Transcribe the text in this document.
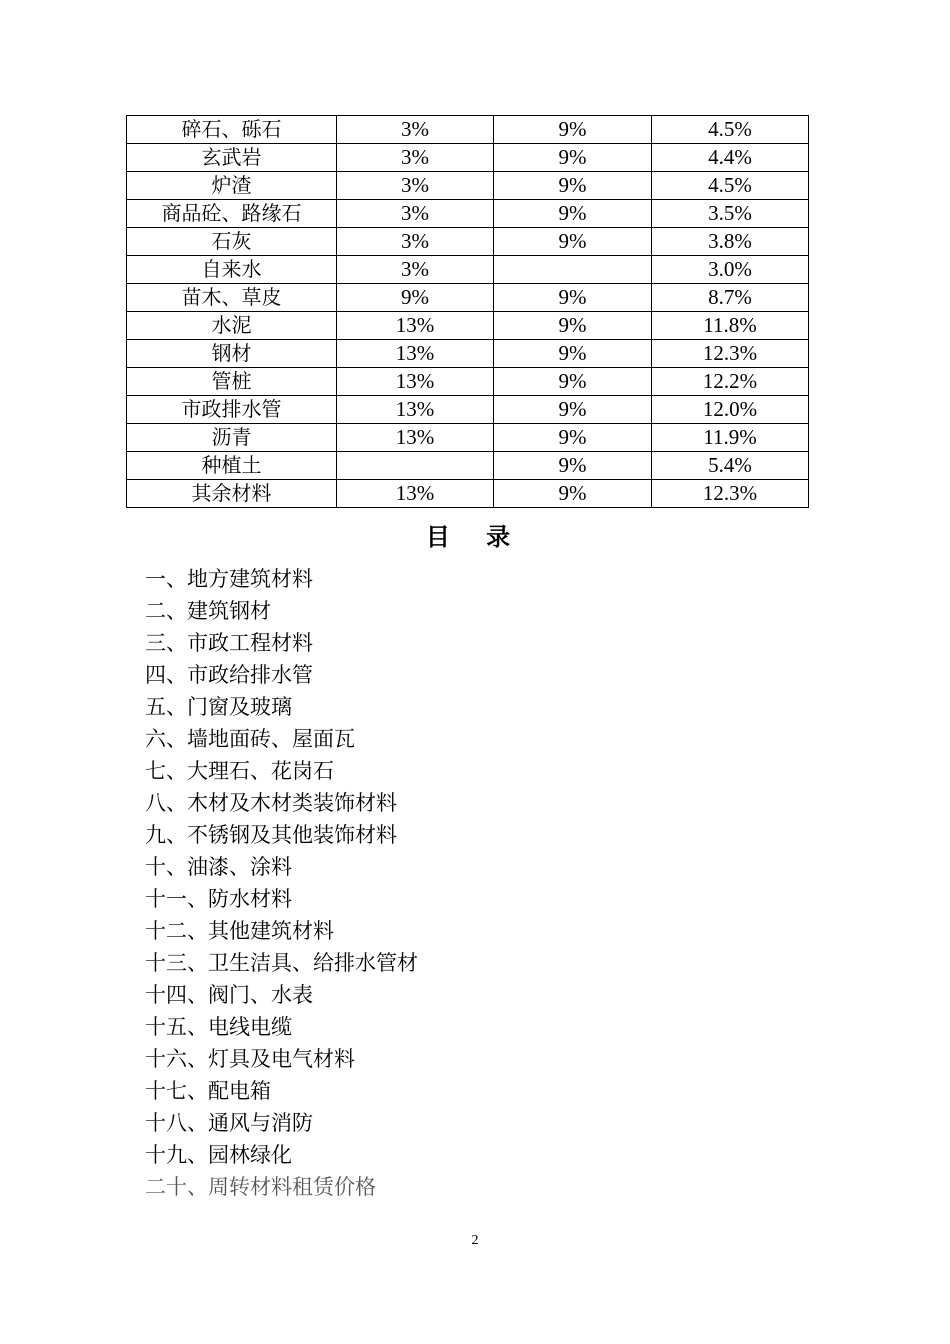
碎石、砾石	3%	9%	4.5%
玄武岩	3%	9%	4.4%
炉渣	3%	9%	4.5%
商品砼、路缘石	3%	9%	3.5%
石灰	3%	9%	3.8%
自来水	3%		3.0%
苗木、草皮	9%	9%	8.7%
水泥	13%	9%	11.8%
钢材	13%	9%	12.3%
管桩	13%	9%	12.2%
市政排水管	13%	9%	12.0%
沥青	13%	9%	11.9%
种植土		9%	5.4%
其余材料	13%	9%	12.3%
目 录
一、地方建筑材料
二、建筑钢材
三、市政工程材料
四、市政给排水管
五、门窗及玻璃
六、墙地面砖、屋面瓦
七、大理石、花岗石
八、木材及木材类装饰材料
九、不锈钢及其他装饰材料
十、油漆、涂料
十一、防水材料
十二、其他建筑材料
十三、卫生洁具、给排水管材
十四、阀门、水表
十五、电线电缆
十六、灯具及电气材料
十七、配电箱
十八、通风与消防
十九、园林绿化
二十、周转材料租赁价格
2
